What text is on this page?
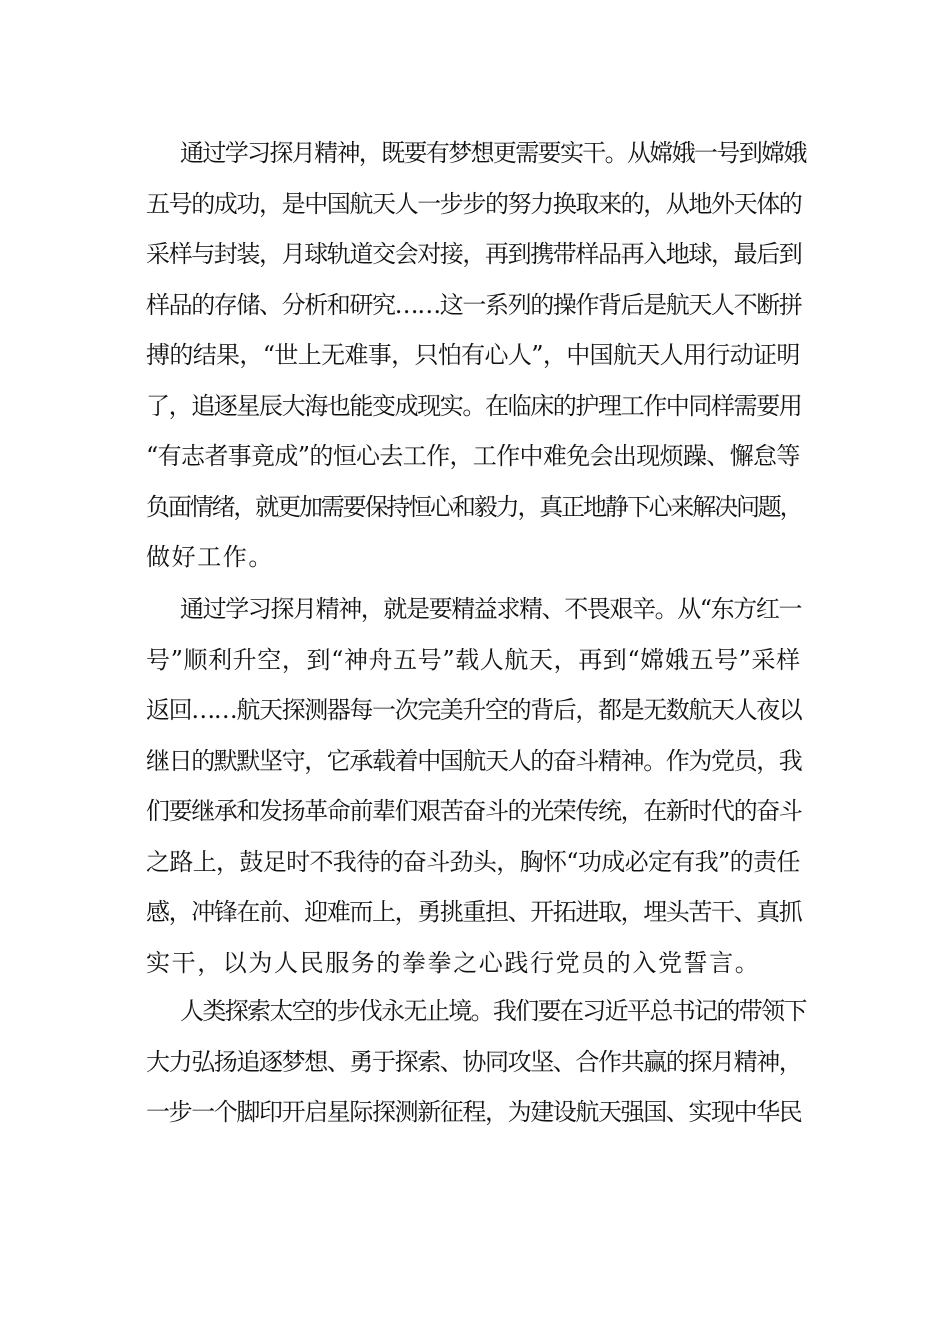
通过学习探月精神，既要有梦想更需要实干。从嫦娥一号到嫦娥
五号的成功，是中国航天人一步步的努力换取来的，从地外天体的
采样与封装，月球轨道交会对接，再到携带样品再入地球，最后到
样品的存储、分析和研究……这一系列的操作背后是航天人不断拼
搏的结果，“世上无难事，只怕有心人”，中国航天人用行动证明
了，追逐星辰大海也能变成现实。在临床的护理工作中同样需要用
“有志者事竟成”的恒心去工作，工作中难免会出现烦躁、懈怠等
负面情绪，就更加需要保持恒心和毅力，真正地静下心来解决问题，
做好工作。

通过学习探月精神，就是要精益求精、不畏艰辛。从“东方红一
号”顺利升空，到“神舟五号”载人航天，再到“嫦娥五号”采样
返回……航天探测器每一次完美升空的背后，都是无数航天人夜以
继日的默默坚守，它承载着中国航天人的奋斗精神。作为党员，我
们要继承和发扬革命前辈们艰苦奋斗的光荣传统，在新时代的奋斗
之路上，鼓足时不我待的奋斗劲头，胸怀“功成必定有我”的责任
感，冲锋在前、迎难而上，勇挑重担、开拓进取，埋头苦干、真抓
实干，以为人民服务的拳拳之心践行党员的入党誓言。

人类探索太空的步伐永无止境。我们要在习近平总书记的带领下
大力弘扬追逐梦想、勇于探索、协同攻坚、合作共赢的探月精神，
一步一个脚印开启星际探测新征程，为建设航天强国、实现中华民
